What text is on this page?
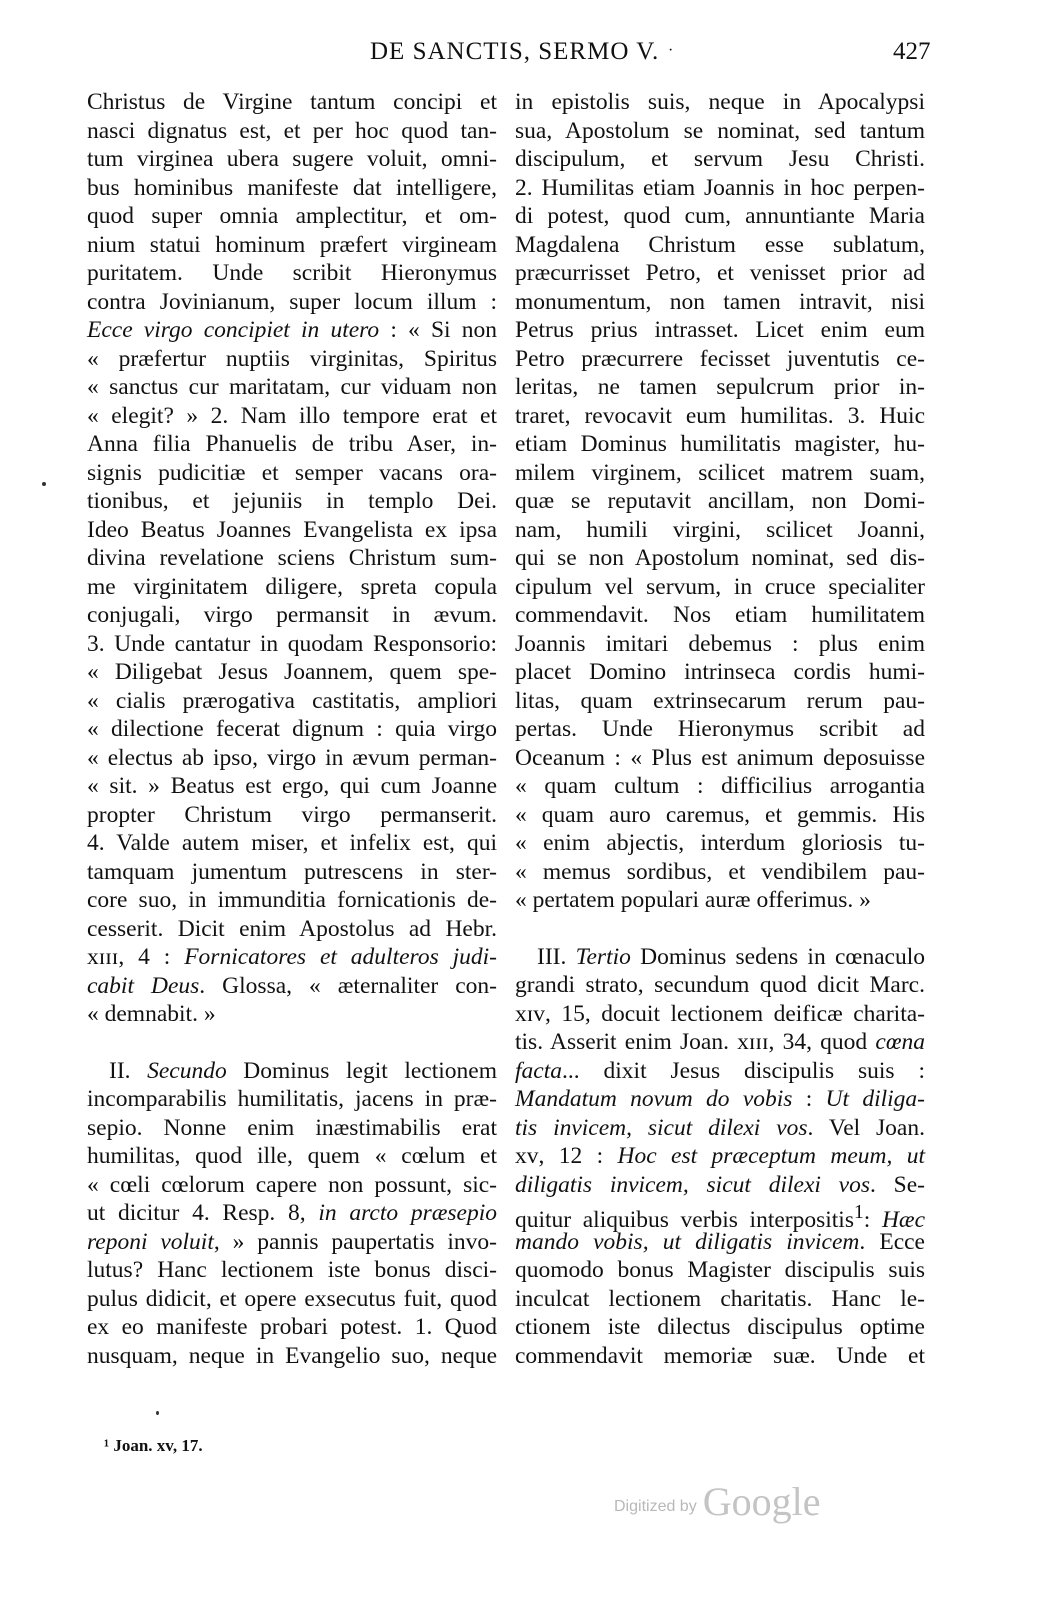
DE SANCTIS, SERMO V. ·	427
Christus de Virgine tantum concipi et
nasci dignatus est, et per hoc quod tan-
tum virginea ubera sugere voluit, omni-
bus hominibus manifeste dat intelligere,
quod super omnia amplectitur, et om-
nium statui hominum præfert virgineam
puritatem. Unde scribit Hieronymus
contra Jovinianum, super locum illum :
Ecce virgo concipiet in utero : « Si non
« præfertur nuptiis virginitas, Spiritus
« sanctus cur maritatam, cur viduam non
« elegit? » 2. Nam illo tempore erat et
Anna filia Phanuelis de tribu Aser, in-
signis pudicitiæ et semper vacans ora-
tionibus, et jejuniis in templo Dei.
Ideo Beatus Joannes Evangelista ex ipsa
divina revelatione sciens Christum sum-
me virginitatem diligere, spreta copula
conjugali, virgo permansit in ævum.
3. Unde cantatur in quodam Responsorio:
« Diligebat Jesus Joannem, quem spe-
« cialis prærogativa castitatis, ampliori
« dilectione fecerat dignum : quia virgo
« electus ab ipso, virgo in ævum perman-
« sit. » Beatus est ergo, qui cum Joanne
propter Christum virgo permanserit.
4. Valde autem miser, et infelix est, qui
tamquam jumentum putrescens in ster-
core suo, in immunditia fornicationis de-
cesserit. Dicit enim Apostolus ad Hebr.
xɪɪɪ, 4 : Fornicatores et adulteros judi-
cabit Deus. Glossa, « æternaliter con-
« demnabit. »
II. Secundo Dominus legit lectionem
incomparabilis humilitatis, jacens in præ-
sepio. Nonne enim inæstimabilis erat
humilitas, quod ille, quem « cœlum et
« cœli cœlorum capere non possunt, sic-
ut dicitur 4. Resp. 8, in arcto præsepio
reponi voluit, » pannis paupertatis invo-
lutus? Hanc lectionem iste bonus disci-
pulus didicit, et opere exsecutus fuit, quod
ex eo manifeste probari potest. 1. Quod
nusquam, neque in Evangelio suo, neque
in epistolis suis, neque in Apocalypsi
sua, Apostolum se nominat, sed tantum
discipulum, et servum Jesu Christi.
2. Humilitas etiam Joannis in hoc perpen-
di potest, quod cum, annuntiante Maria
Magdalena Christum esse sublatum,
præcurrisset Petro, et venisset prior ad
monumentum, non tamen intravit, nisi
Petrus prius intrasset. Licet enim eum
Petro præcurrere fecisset juventutis ce-
leritas, ne tamen sepulcrum prior in-
traret, revocavit eum humilitas. 3. Huic
etiam Dominus humilitatis magister, hu-
milem virginem, scilicet matrem suam,
quæ se reputavit ancillam, non Domi-
nam, humili virgini, scilicet Joanni,
qui se non Apostolum nominat, sed dis-
cipulum vel servum, in cruce specialiter
commendavit. Nos etiam humilitatem
Joannis imitari debemus : plus enim
placet Domino intrinseca cordis humi-
litas, quam extrinsecarum rerum pau-
pertas. Unde Hieronymus scribit ad
Oceanum : « Plus est animum deposuisse
« quam cultum : difficilius arrogantia
« quam auro caremus, et gemmis. His
« enim abjectis, interdum gloriosis tu-
« memus sordibus, et vendibilem pau-
« pertatem populari auræ offerimus. »
III. Tertio Dominus sedens in cœnaculo
grandi strato, secundum quod dicit Marc.
xɪᴠ, 15, docuit lectionem deificæ charita-
tis. Asserit enim Joan. xɪɪɪ, 34, quod cœna
facta... dixit Jesus discipulis suis :
Mandatum novum do vobis : Ut diliga-
tis invicem, sicut dilexi vos. Vel Joan.
xᴠ, 12 : Hoc est præceptum meum, ut
diligatis invicem, sicut dilexi vos. Se-
quitur aliquibus verbis interpositis$^1$: Hæc
mando vobis, ut diligatis invicem. Ecce
quomodo bonus Magister discipulis suis
inculcat lectionem charitatis. Hanc le-
ctionem iste dilectus discipulus optime
commendavit memoriæ suæ. Unde et
¹ Joan. xv, 17.
Digitized by Google
